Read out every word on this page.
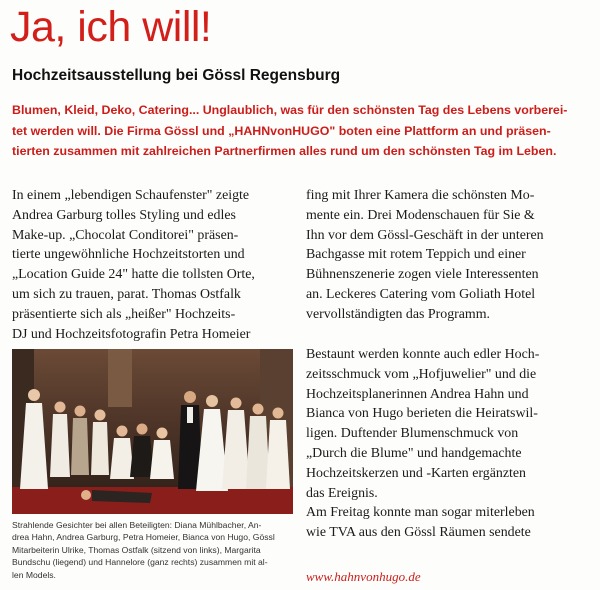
Ja, ich will!
Hochzeitsausstellung bei Gössl Regensburg
Blumen, Kleid, Deko, Catering... Unglaublich, was für den schönsten Tag des Lebens vorberei-
tet werden will. Die Firma Gössl und „HAHNvonHUGO" boten eine Plattform an und präsen-
tierten zusammen mit zahlreichen Partnerfirmen alles rund um den schönsten Tag im Leben.
In einem „lebendigen Schaufenster" zeigte
Andrea Garburg tolles Styling und edles
Make-up. „Chocolat Conditorei" präsen-
tierte ungewöhnliche Hochzeitstorten und
„Location Guide 24" hatte die tollsten Orte,
um sich zu trauen, parat. Thomas Ostfalk
präsentierte sich als „heißer" Hochzeits-
DJ und Hochzeitsfotografin Petra Homeier
Strahlende Gesichter bei allen Beteiligten: Diana Mühlbacher, An-
drea Hahn, Andrea Garburg, Petra Homeier, Bianca von Hugo, Gössl
Mitarbeiterin Ulrike, Thomas Ostfalk (sitzend von links), Margarita
Bundschu (liegend) und Hannelore (ganz rechts) zusammen mit al-
len Models.
fing mit Ihrer Kamera die schönsten Mo-
mente ein. Drei Modenschauen für Sie &
Ihn vor dem Gössl-Geschäft in der unteren
Bachgasse mit rotem Teppich und einer
Bühnenszenerie zogen viele Interessenten
an. Leckeres Catering vom Goliath Hotel
vervollständigten das Programm.
Bestaunt werden konnte auch edler Hoch-
zeitsschmuck vom „Hofjuwelier" und die
Hochzeitsplanerinnen Andrea Hahn und
Bianca von Hugo berieten die Heiratswil-
ligen. Duftender Blumenschmuck von
„Durch die Blume" und handgemachte
Hochzeitskerzen und -Karten ergänzten
das Ereignis.
Am Freitag konnte man sogar miterleben
wie TVA aus den Gössl Räumen sendete
www.hahnvonhugo.de
